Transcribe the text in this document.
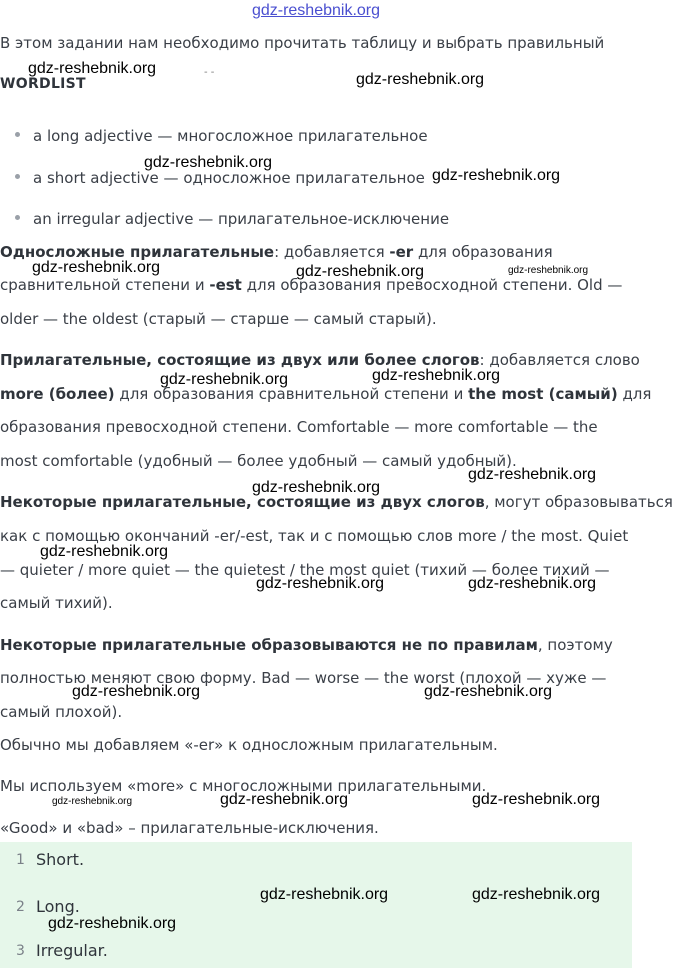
gdz-reshebnik.org
В этом задании нам необходимо прочитать таблицу и выбрать правильный
- -
WORDLIST
a long adjective — многосложное прилагательное
a short adjective — односложное прилагательное
an irregular adjective — прилагательное-исключение
Односложные прилагательные: добавляется -er для образования
сравнительной степени и -est для образования превосходной степени. Old —
older — the oldest (старый — старше — самый старый).
Прилагательные, состоящие из двух или более слогов: добавляется слово
more (более) для образования сравнительной степени и the most (самый) для
образования превосходной степени. Comfortable — more comfortable — the
most comfortable (удобный — более удобный — самый удобный).
Некоторые прилагательные, состоящие из двух слогов, могут образовываться
как с помощью окончаний -er/-est, так и с помощью слов more / the most. Quiet
— quieter / more quiet — the quietest / the most quiet (тихий — более тихий —
самый тихий).
Некоторые прилагательные образовываются не по правилам, поэтому
полностью меняют свою форму. Bad — worse — the worst (плохой — хуже —
самый плохой).
Обычно мы добавляем «-er» к односложным прилагательным.
Мы используем «more» с многосложными прилагательными.
«Good» и «bad» – прилагательные-исключения.
1 Short.
2 Long.
3 Irregular.
gdz-reshebnik.org
gdz-reshebnik.org
gdz-reshebnik.org
gdz-reshebnik.org
gdz-reshebnik.org	gdz-reshebnik.org	gdz-reshebnik.org
gdz-reshebnik.org	gdz-reshebnik.org
gdz-reshebnik.org
gdz-reshebnik.org
gdz-reshebnik.org
gdz-reshebnik.org	gdz-reshebnik.org
gdz-reshebnik.org	gdz-reshebnik.org
gdz-reshebnik.org	gdz-reshebnik.org	gdz-reshebnik.org
gdz-reshebnik.org	gdz-reshebnik.org
gdz-reshebnik.org
